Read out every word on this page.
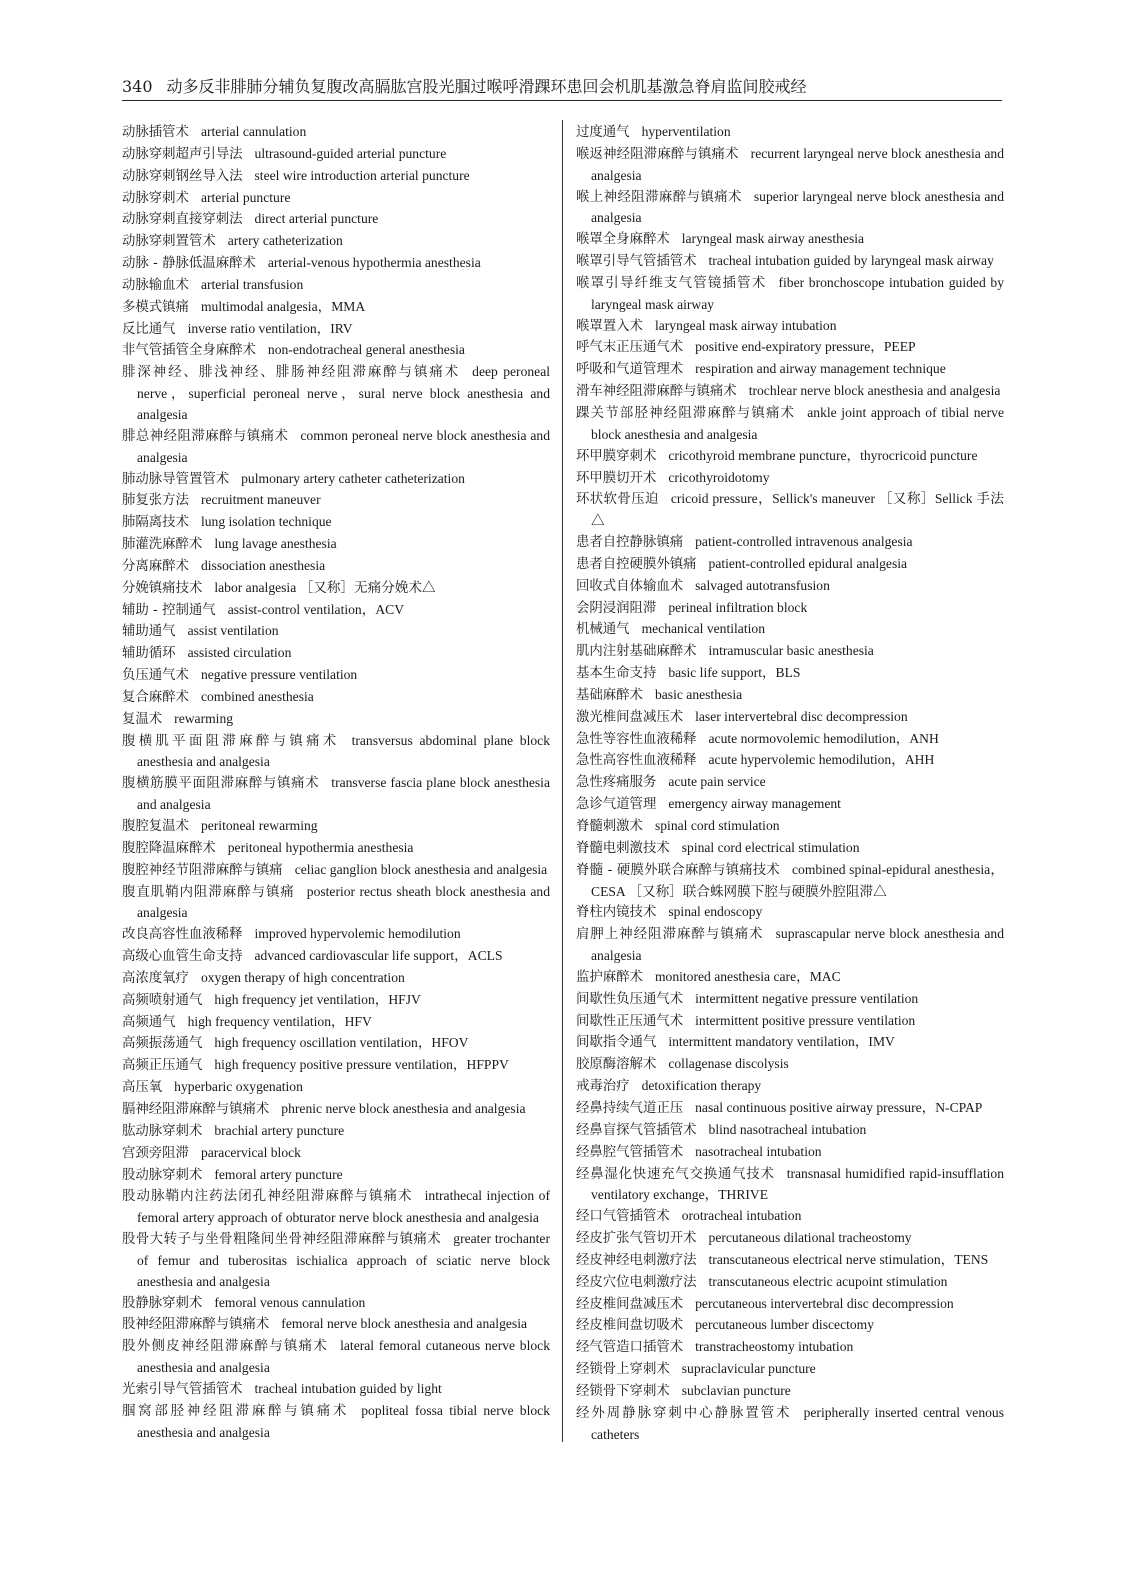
340 动多反非腓肺分辅负复腹改高膈肱宫股光腘过喉呼滑踝环患回会机肌基激急脊肩监间胶戒经
动脉插管术 arterial cannulation
动脉穿刺超声引导法 ultrasound-guided arterial puncture
动脉穿刺钢丝导入法 steel wire introduction arterial puncture
动脉穿刺术 arterial puncture
动脉穿刺直接穿刺法 direct arterial puncture
动脉穿刺置管术 artery catheterization
动脉 - 静脉低温麻醉术 arterial-venous hypothermia anesthesia
动脉输血术 arterial transfusion
多模式镇痛 multimodal analgesia，MMA
反比通气 inverse ratio ventilation，IRV
非气管插管全身麻醉术 non-endotracheal general anesthesia
腓深神经、腓浅神经、腓肠神经阻滞麻醉与镇痛术 deep peroneal nerve，superficial peroneal nerve，sural nerve block anesthesia and analgesia
腓总神经阻滞麻醉与镇痛术 common peroneal nerve block anesthesia and analgesia
肺动脉导管置管术 pulmonary artery catheter catheterization
肺复张方法 recruitment maneuver
肺隔离技术 lung isolation technique
肺灌洗麻醉术 lung lavage anesthesia
分离麻醉术 dissociation anesthesia
分娩镇痛技术 labor analgesia ［又称］无痛分娩术△
辅助 - 控制通气 assist-control ventilation，ACV
辅助通气 assist ventilation
辅助循环 assisted circulation
负压通气术 negative pressure ventilation
复合麻醉术 combined anesthesia
复温术 rewarming
腹横肌平面阻滞麻醉与镇痛术 transversus abdominal plane block anesthesia and analgesia
腹横筋膜平面阻滞麻醉与镇痛术 transverse fascia plane block anesthesia and analgesia
腹腔复温术 peritoneal rewarming
腹腔降温麻醉术 peritoneal hypothermia anesthesia
腹腔神经节阻滞麻醉与镇痛 celiac ganglion block anesthesia and analgesia
腹直肌鞘内阻滞麻醉与镇痛 posterior rectus sheath block anesthesia and analgesia
改良高容性血液稀释 improved hypervolemic hemodilution
高级心血管生命支持 advanced cardiovascular life support，ACLS
高浓度氧疗 oxygen therapy of high concentration
高频喷射通气 high frequency jet ventilation，HFJV
高频通气 high frequency ventilation，HFV
高频振荡通气 high frequency oscillation ventilation，HFOV
高频正压通气 high frequency positive pressure ventilation，HFPPV
高压氧 hyperbaric oxygenation
膈神经阻滞麻醉与镇痛术 phrenic nerve block anesthesia and analgesia
肱动脉穿刺术 brachial artery puncture
宫颈旁阻滞 paracervical block
股动脉穿刺术 femoral artery puncture
股动脉鞘内注药法闭孔神经阻滞麻醉与镇痛术 intrathecal injection of femoral artery approach of obturator nerve block anesthesia and analgesia
股骨大转子与坐骨粗隆间坐骨神经阻滞麻醉与镇痛术 greater trochanter of femur and tuberositas ischialica approach of sciatic nerve block anesthesia and analgesia
股静脉穿刺术 femoral venous cannulation
股神经阻滞麻醉与镇痛术 femoral nerve block anesthesia and analgesia
股外侧皮神经阻滞麻醉与镇痛术 lateral femoral cutaneous nerve block anesthesia and analgesia
光索引导气管插管术 tracheal intubation guided by light
腘窝部胫神经阻滞麻醉与镇痛术 popliteal fossa tibial nerve block anesthesia and analgesia
过度通气 hyperventilation
喉返神经阻滞麻醉与镇痛术 recurrent laryngeal nerve block anesthesia and analgesia
喉上神经阻滞麻醉与镇痛术 superior laryngeal nerve block anesthesia and analgesia
喉罩全身麻醉术 laryngeal mask airway anesthesia
喉罩引导气管插管术 tracheal intubation guided by laryngeal mask airway
喉罩引导纤维支气管镜插管术 fiber bronchoscope intubation guided by laryngeal mask airway
喉罩置入术 laryngeal mask airway intubation
呼气末正压通气术 positive end-expiratory pressure，PEEP
呼吸和气道管理术 respiration and airway management technique
滑车神经阻滞麻醉与镇痛术 trochlear nerve block anesthesia and analgesia
踝关节部胫神经阻滞麻醉与镇痛术 ankle joint approach of tibial nerve block anesthesia and analgesia
环甲膜穿刺术 cricothyroid membrane puncture，thyrocricoid puncture
环甲膜切开术 cricothyroidotomy
环状软骨压迫 cricoid pressure，Sellick's maneuver ［又称］Sellick 手法△
患者自控静脉镇痛 patient-controlled intravenous analgesia
患者自控硬膜外镇痛 patient-controlled epidural analgesia
回收式自体输血术 salvaged autotransfusion
会阴浸润阻滞 perineal infiltration block
机械通气 mechanical ventilation
肌内注射基础麻醉术 intramuscular basic anesthesia
基本生命支持 basic life support，BLS
基础麻醉术 basic anesthesia
激光椎间盘减压术 laser intervertebral disc decompression
急性等容性血液稀释 acute normovolemic hemodilution，ANH
急性高容性血液稀释 acute hypervolemic hemodilution，AHH
急性疼痛服务 acute pain service
急诊气道管理 emergency airway management
脊髓刺激术 spinal cord stimulation
脊髓电刺激技术 spinal cord electrical stimulation
脊髓 - 硬膜外联合麻醉与镇痛技术 combined spinal-epidural anesthesia，CESA ［又称］联合蛛网膜下腔与硬膜外腔阻滞△
脊柱内镜技术 spinal endoscopy
肩胛上神经阻滞麻醉与镇痛术 suprascapular nerve block anesthesia and analgesia
监护麻醉术 monitored anesthesia care，MAC
间歇性负压通气术 intermittent negative pressure ventilation
间歇性正压通气术 intermittent positive pressure ventilation
间歇指令通气 intermittent mandatory ventilation，IMV
胶原酶溶解术 collagenase discolysis
戒毒治疗 detoxification therapy
经鼻持续气道正压 nasal continuous positive airway pressure，N-CPAP
经鼻盲探气管插管术 blind nasotracheal intubation
经鼻腔气管插管术 nasotracheal intubation
经鼻湿化快速充气交换通气技术 transnasal humidified rapid-insufflation ventilatory exchange，THRIVE
经口气管插管术 orotracheal intubation
经皮扩张气管切开术 percutaneous dilational tracheostomy
经皮神经电刺激疗法 transcutaneous electrical nerve stimulation，TENS
经皮穴位电刺激疗法 transcutaneous electric acupoint stimulation
经皮椎间盘减压术 percutaneous intervertebral disc decompression
经皮椎间盘切吸术 percutaneous lumber discectomy
经气管造口插管术 transtracheostomy intubation
经锁骨上穿刺术 supraclavicular puncture
经锁骨下穿刺术 subclavian puncture
经外周静脉穿刺中心静脉置管术 peripherally inserted central venous catheters
